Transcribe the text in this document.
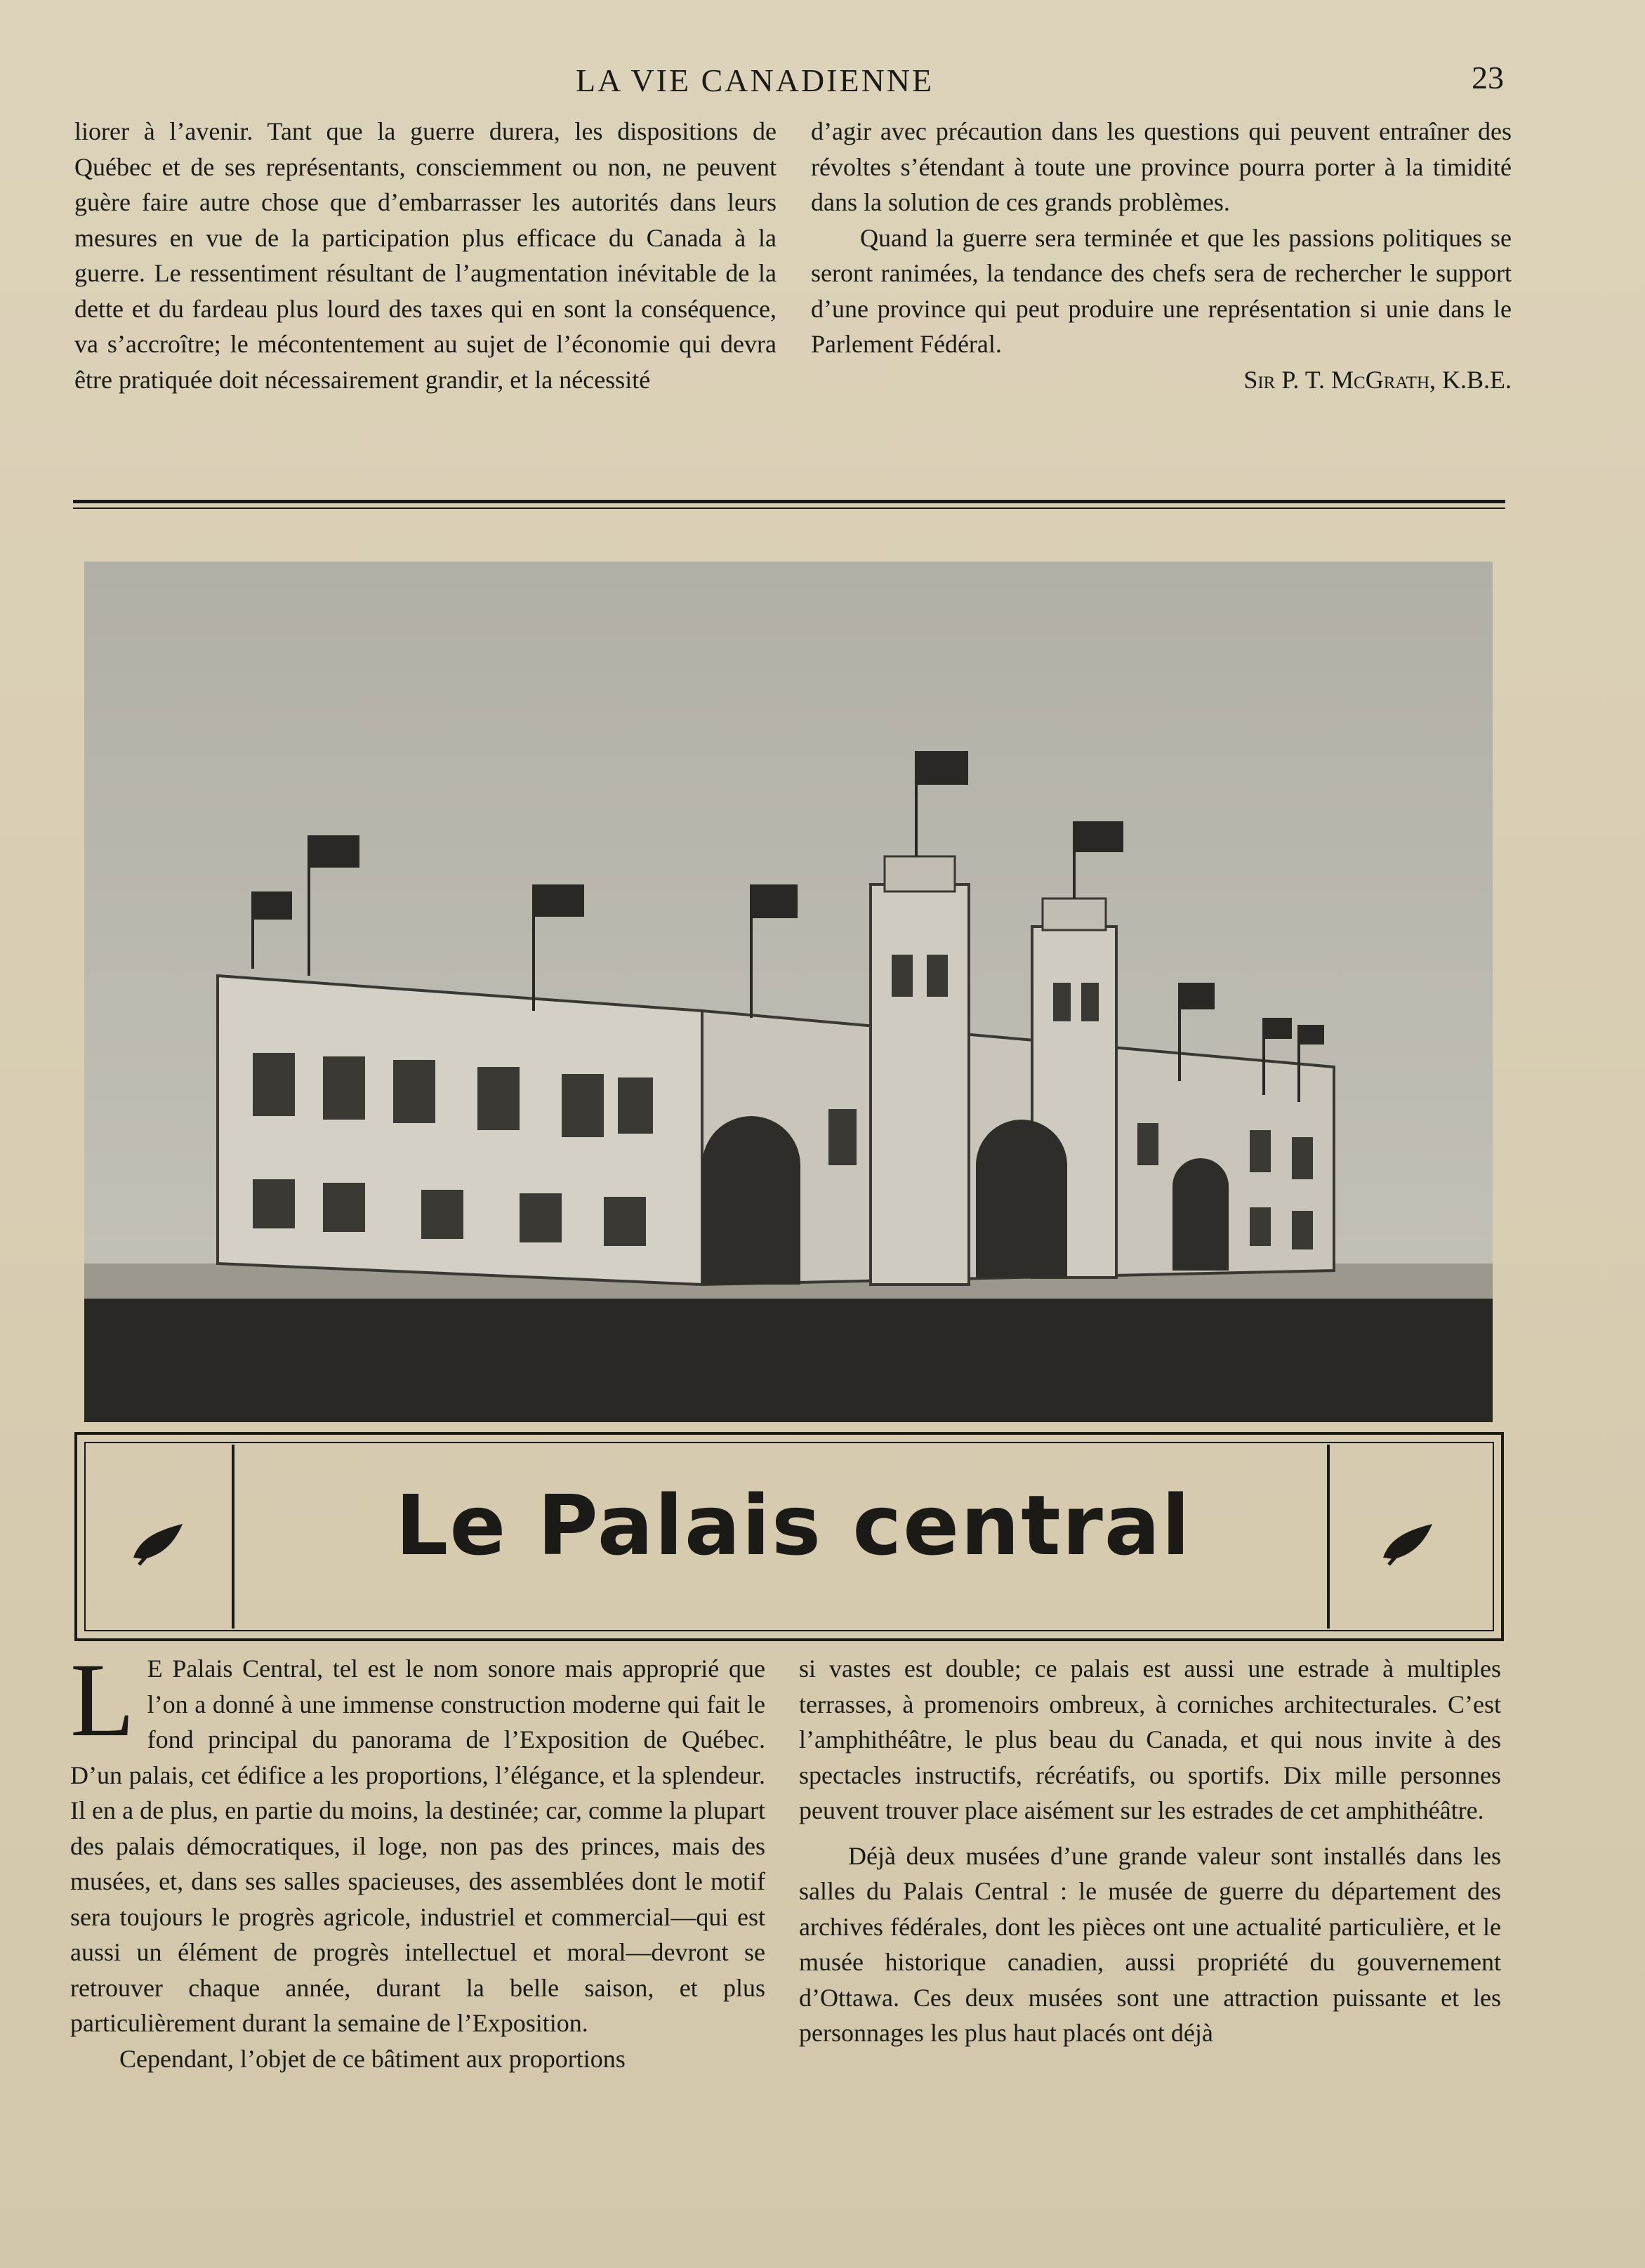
LA VIE CANADIENNE	23

liorer à l’avenir. Tant que la guerre durera, les dispositions de Québec et de ses représentants, consciemment ou non, ne peuvent guère faire autre chose que d’embarrasser les autorités dans leurs mesures en vue de la participation plus efficace du Canada à la guerre. Le ressentiment résultant de l’augmentation inévitable de la dette et du fardeau plus lourd des taxes qui en sont la conséquence, va s’accroître; le mécontentement au sujet de l’économie qui devra être pratiquée doit nécessairement grandir, et la nécessité

d’agir avec précaution dans les questions qui peuvent entraîner des révoltes s’étendant à toute une province pourra porter à la timidité dans la solution de ces grands problèmes.

Quand la guerre sera terminée et que les passions politiques se seront ranimées, la tendance des chefs sera de rechercher le support d’une province qui peut produire une représentation si unie dans le Parlement Fédéral.

Sir P. T. McGrath, K.B.E.

Le Palais central

L E Palais Central, tel est le nom sonore mais approprié que l’on a donné à une immense construction moderne qui fait le fond principal du panorama de l’Exposition de Québec. D’un palais, cet édifice a les proportions, l’élégance, et la splendeur. Il en a de plus, en partie du moins, la destinée; car, comme la plupart des palais démocratiques, il loge, non pas des princes, mais des musées, et, dans ses salles spacieuses, des assemblées dont le motif sera toujours le progrès agricole, industriel et commercial—qui est aussi un élément de progrès intellectuel et moral—devront se retrouver chaque année, durant la belle saison, et plus particulièrement durant la semaine de l’Exposition.

Cependant, l’objet de ce bâtiment aux proportions

si vastes est double; ce palais est aussi une estrade à multiples terrasses, à promenoirs ombreux, à corniches architecturales. C’est l’amphithéâtre, le plus beau du Canada, et qui nous invite à des spectacles instructifs, récréatifs, ou sportifs. Dix mille personnes peuvent trouver place aisément sur les estrades de cet amphithéâtre.

Déjà deux musées d’une grande valeur sont installés dans les salles du Palais Central : le musée de guerre du département des archives fédérales, dont les pièces ont une actualité particulière, et le musée historique canadien, aussi propriété du gouvernement d’Ottawa. Ces deux musées sont une attraction puissante et les personnages les plus haut placés ont déjà
